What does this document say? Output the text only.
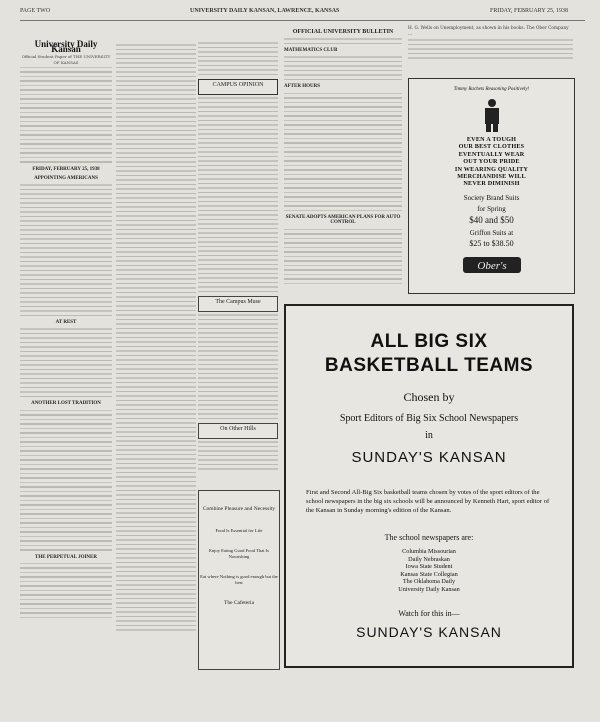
PAGE TWO	UNIVERSITY DAILY KANSAN, LAWRENCE, KANSAS	FRIDAY, FEBRUARY 25, 1938
University Daily Kansan
Official Student Paper of THE UNIVERSITY OF KANSAS
FRIDAY, FEBRUARY 25, 1938
APPOINTING AMERICANS
AT REST
ANOTHER LOST TRADITION
THE PERPETUAL JOINER
CAMPUS OPINION
The Campus Muse
On Other Hills
Combine Pleasure and Necessity
Food Is Essential for Life
Enjoy Eating Good Food That Is Nourishing
Eat where Nothing is good enough but the best
The Cafeteria
OFFICIAL UNIVERSITY BULLETIN
MATHEMATICS CLUB
AFTER HOURS
SENATE ADOPTS AMERICAN PLANS FOR AUTO CONTROL

H. G. Wells on Unemployment, as shown in his books. The Ober Company ...

Timmy Rachets Reasoning Positively!
EVEN A TOUGH
OUR BEST CLOTHES
EVENTUALLY WEAR
OUT YOUR PRIDE
IN WEARING QUALITY
MERCHANDISE WILL
NEVER DIMINISH
Society Brand Suits
for Spring
$40 and $50
Griffon Suits at
$25 to $38.50
Ober's
ALL BIG SIX
BASKETBALL TEAMS
Chosen by
Sport Editors of Big Six School Newspapers
in
SUNDAY'S KANSAN
First and Second All-Big Six basketball teams chosen by votes of the sport editors of the school newspapers in the big six schools will be announced by Kenneth Hart, sport editor of the Kansan in Sunday morning's edition of the Kansan.
The school newspapers are:
Columbia Missourian
Daily Nebraskan
Iowa State Student
Kansas State Collegian
The Oklahoma Daily
University Daily Kansan
Watch for this in—
SUNDAY'S KANSAN
